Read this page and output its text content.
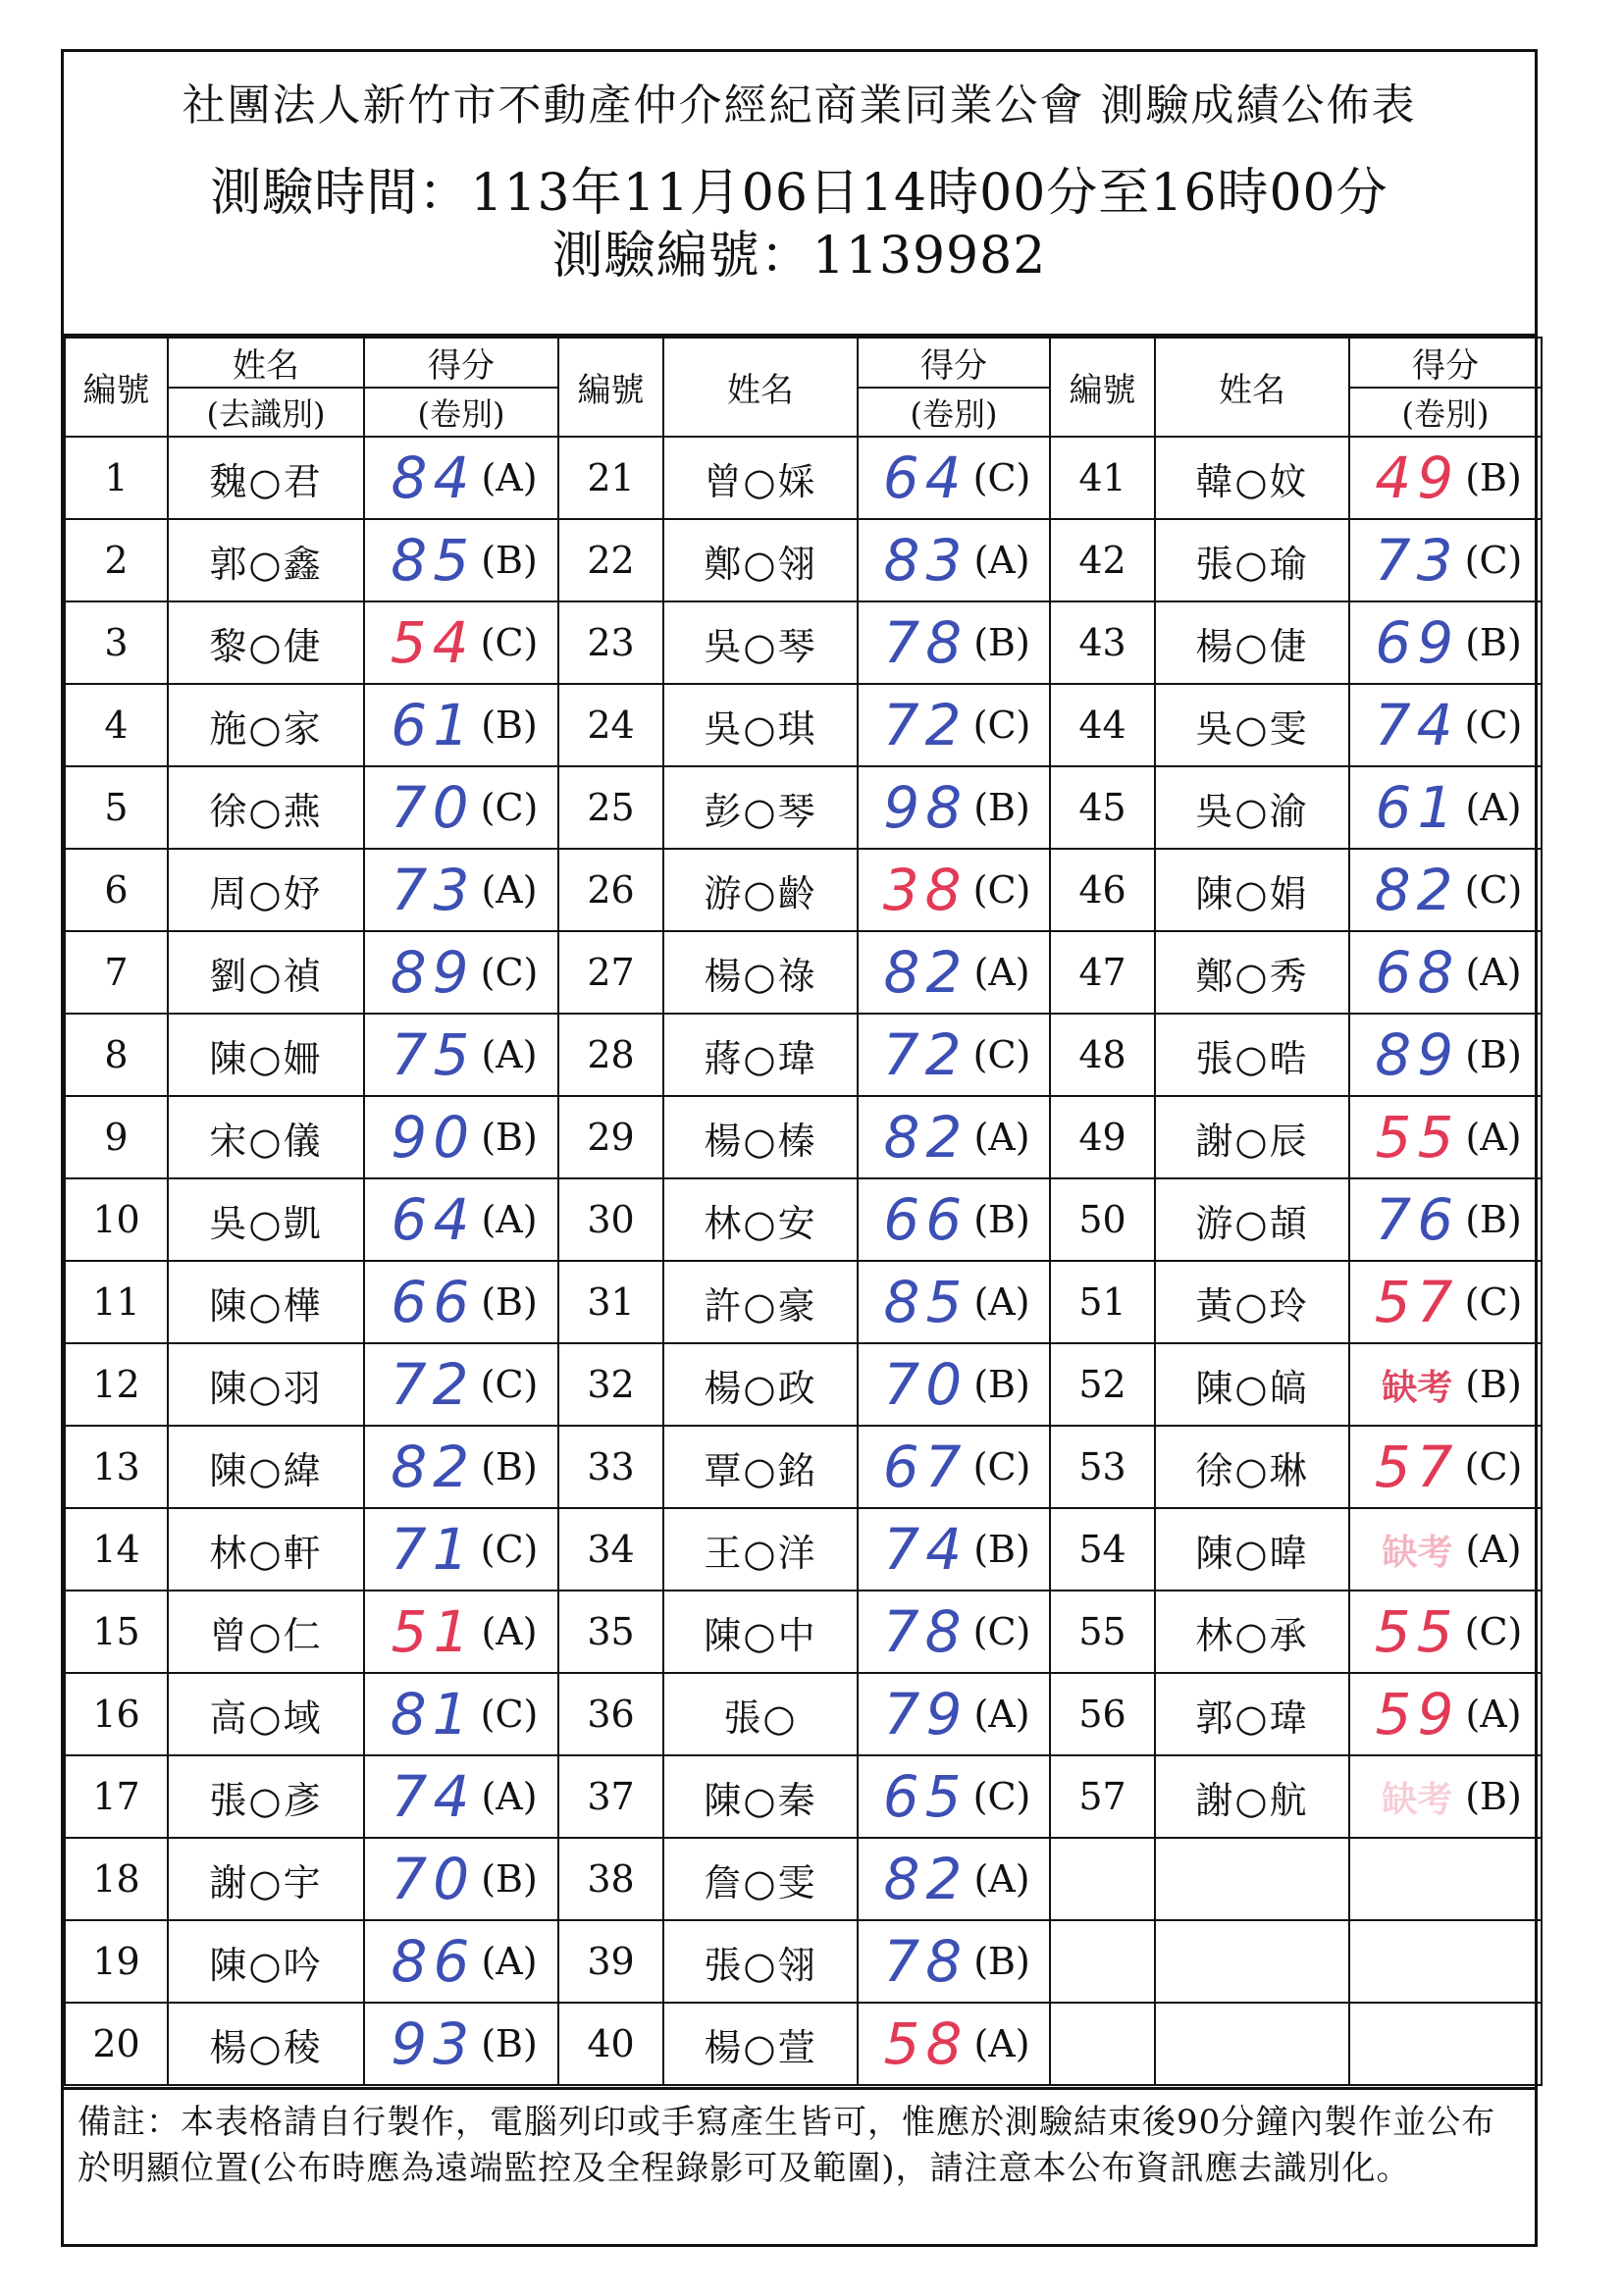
社團法人新竹市不動產仲介經紀商業同業公會 測驗成績公佈表
測驗時間：113年11月06日14時00分至16時00分
測驗編號：1139982
編號	姓名	得分	編號	姓名	得分	編號	姓名	得分
	(去識別)	(卷別)			(卷別)			(卷別)
1	魏○君	84 (A)	21	曾○婇	64 (C)	41	韓○妏	49 (B)
2	郭○鑫	85 (B)	22	鄭○翎	83 (A)	42	張○瑜	73 (C)
3	黎○倢	54 (C)	23	吳○琴	78 (B)	43	楊○倢	69 (B)
4	施○家	61 (B)	24	吳○琪	72 (C)	44	吳○雯	74 (C)
5	徐○燕	70 (C)	25	彭○琴	98 (B)	45	吳○渝	61 (A)
6	周○妤	73 (A)	26	游○齡	38 (C)	46	陳○娟	82 (C)
7	劉○禎	89 (C)	27	楊○祿	82 (A)	47	鄭○秀	68 (A)
8	陳○姍	75 (A)	28	蔣○瑋	72 (C)	48	張○晧	89 (B)
9	宋○儀	90 (B)	29	楊○榛	82 (A)	49	謝○辰	55 (A)
10	吳○凱	64 (A)	30	林○安	66 (B)	50	游○頡	76 (B)
11	陳○樺	66 (B)	31	許○豪	85 (A)	51	黃○玲	57 (C)
12	陳○羽	72 (C)	32	楊○政	70 (B)	52	陳○皜	缺考 (B)
13	陳○緯	82 (B)	33	覃○銘	67 (C)	53	徐○琳	57 (C)
14	林○軒	71 (C)	34	王○洋	74 (B)	54	陳○暐	缺考 (A)
15	曾○仁	51 (A)	35	陳○中	78 (C)	55	林○承	55 (C)
16	高○域	81 (C)	36	張○	79 (A)	56	郭○瑋	59 (A)
17	張○彥	74 (A)	37	陳○秦	65 (C)	57	謝○航	缺考 (B)
18	謝○宇	70 (B)	38	詹○雯	82 (A)			
19	陳○吟	86 (A)	39	張○翎	78 (B)			
20	楊○稜	93 (B)	40	楊○萱	58 (A)			
備註：本表格請自行製作，電腦列印或手寫產生皆可，惟應於測驗結束後90分鐘內製作並公布於明顯位置(公布時應為遠端監控及全程錄影可及範圍)，請注意本公布資訊應去識別化。
